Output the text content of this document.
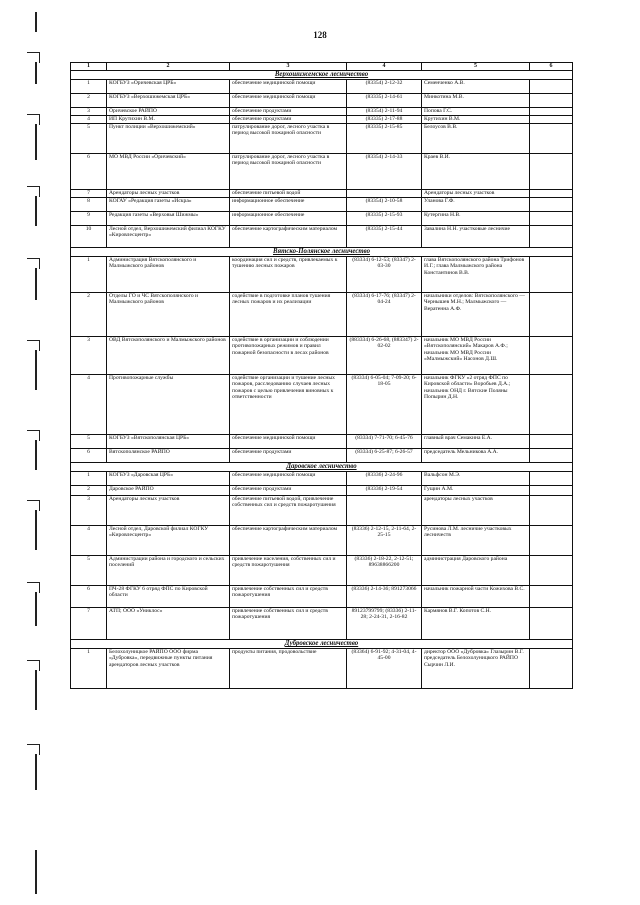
128
1	2	3	4	5	6
Верхошижемское лесничество					
1	КОГБУЗ «Оричевская ЦРБ»	обеспечение медицинской помощи	(83354) 2-12-32	Семенченко А.В.	
2	КОГБУЗ «Верхошижемская ЦРБ»	обеспечение медицинской помощи	(83335) 2-14-61	Минкотина М.В.	
3	Оричевское РАЙПО	обеспечение продуктами	(83354) 2-11-94	Попова Г.С.	
4	ИП Крутихин В.М.	обеспечение продуктами	(83335) 2-17-88	Крутихин В.М.	
5	Пункт полиции «Верхошижемский»	патрулирование дорог, лесного участка в период высокой пожарной опасности	(83335) 2-15-85	Белоусов В.В.	
6	МО МВД России «Оричевский»	патрулирование дорог, лесного участка в период высокой пожарной опасности	(83354) 2-14-33	Краев В.И.	
7	Арендаторы лесных участков	обеспечение питьевой водой		Арендаторы лесных участков	
8	КОГАУ «Редакция газеты «Искра»	информационное обеспечение	(83354) 2-10-58	Уланова Г.Ф.	
9	Редакция газеты «Верховья Шижмы»	информационное обеспечение	(83335) 2-15-93	Кутергина Н.В.	
10	Лесной отдел, Верхошижемский филиал КОГКУ «Кировлесцентр»	обеспечение картографическим материалом	(83335) 2-15-44	Завалина Н.Н. участковые лесничие	
Вятско-Полянское лесничество					
1	Администрация Вятскополянского и Малмыжского районов	координация сил и средств, привлекаемых к тушению лесных пожаров	(83334) 6-12-53; (83347) 2-03-30	глава Вятскополянского района Трифонов И.Г.; глава Малмыжского района Константинов В.В.	
2	Отделы ГО и ЧС Вятскополянского и Малмыжского районов	содействие в подготовке планов тушения лесных пожаров и их реализации	(83334) 6-17-76; (83347) 2-04-24	начальники отделов: Вятскополянского — Чернышев М.Н.; Малмыжского — Вератенна А.Ф.	
3	ОВД Вятскополянского и Малмыжского районов	содействие в организации и соблюдении противопожарных режимов и правил пожарной безопасности в лесах районов	(883334) 6-26-68, (883347) 2-02-02	начальник МО МВД России «Вятскополянский» Макаров А.Ф.; начальник МО МВД России «Малмыжский» Насонов Д.Ш.	
4	Противопожарные службы	содействие организации и тушение лесных пожаров, расследованию случаев лесных пожаров с целью привлечения виновных к ответственности	(83334) 6-05-04; 7-09-20; 6-18-05	начальник ФГКУ «2 отряд ФПС по Кировской области» Воробьев Д.А.; начальник ОНД г. Вятские Поляны Попырин Д.Н.	
5	КОГБУЗ «Вятскополянская ЦРБ»	обеспечение медицинской помощи	(83334) 7-71-70; 6-45-76	главный врач Семакина Е.А.	
6	Вятскополянское РАЙПО	обеспечение продуктами	(83334) 6-25-87; 6-26-57	председатель Мельникова А.А.	
Даровское лесничество					
1	КОГБУЗ «Даровская ЦРБ»	обеспечение медицинской помощи	(83336) 2-24-96	Вальфсон М.Э.	
2	Даровское РАЙПО	обеспечение продуктами	(83336) 2-19-54	Гущин А.М.	
3	Арендаторы лесных участков	обеспечение питьевой водой, привлечение собственных сил и средств пожаротушения		арендаторы лесных участков	
4	Лесной отдел, Даровской филиал КОГКУ «Кировлесцентр»	обеспечение картографическим материалом	(83336) 2-12-15, 2-11-64, 2-25-15	Русинова Л.М. лесничие участковых лесничеств	
5	Администрации района и городского и сельских поселений	привлечение населения, собственных сил и средств пожаротушения	(83336) 2-18-22, 2-12-51; 89638866200	администрация Даровского района	
6	ПЧ-28 ФГКУ 6 отряд ФПС по Кировской области	привлечение собственных сил и средств пожаротушения	(83336) 2-14-36; 891273066	начальник пожарной части Кожихова В.С.	
7	АТП; ООО «Униклос»	привлечение собственных сил и средств пожаротушения	89123799799; (83336) 2-11-28; 2-24-31, 2-16-82	Кармянов В.Г. Копотов С.Н.	
Дубровское лесничество					
1	Белохолуницкое РАЙПО ООО фирма «Дубровка», передвижные пункты питания арендаторов лесных участков	продукты питания, продовольствие	(83364) 6-91-92; 4-31-04, 4-45-00	директор ООО «Дубровка» Глазырин В.Г. председатель Белохолуницкого РАЙПО Сырчин Л.И.	
